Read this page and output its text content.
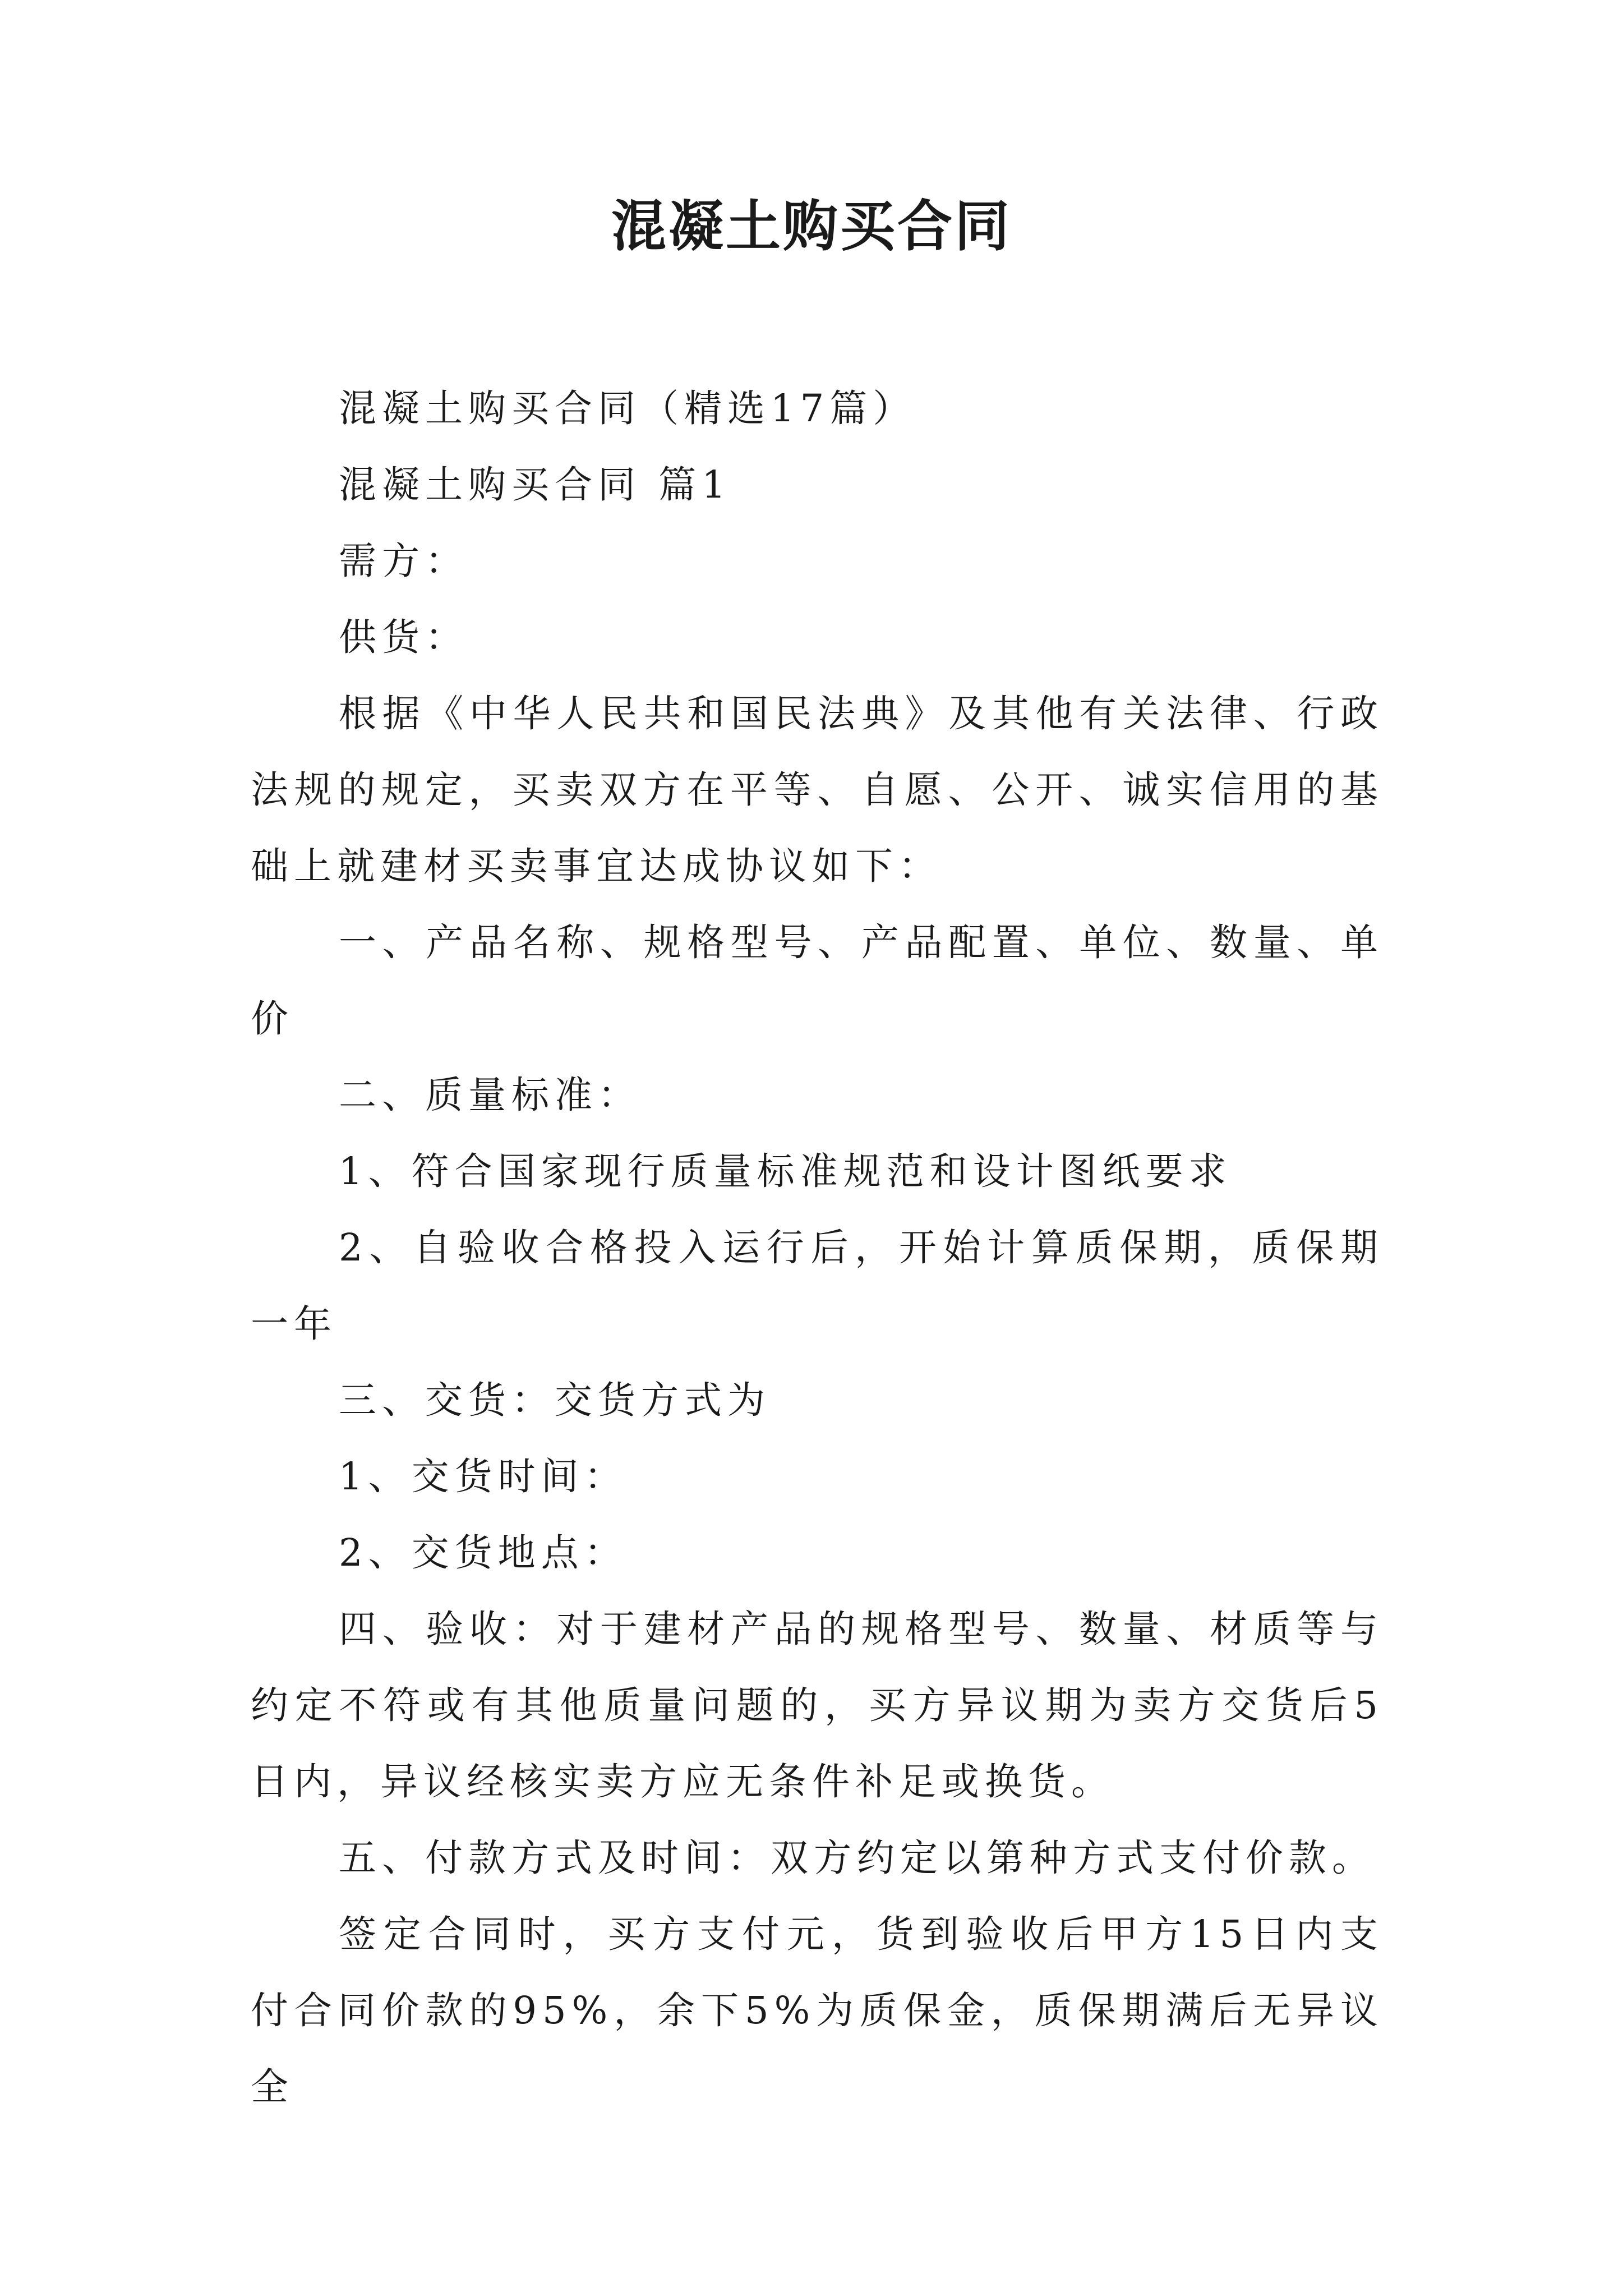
混凝土购买合同

混凝土购买合同（精选17篇）

混凝土购买合同 篇1

需方：

供货：

根据《中华人民共和国民法典》及其他有关法律、行政法规的规定，买卖双方在平等、自愿、公开、诚实信用的基础上就建材买卖事宜达成协议如下：

一、产品名称、规格型号、产品配置、单位、数量、单价

二、质量标准：

1、符合国家现行质量标准规范和设计图纸要求

2、自验收合格投入运行后，开始计算质保期，质保期一年

三、交货：交货方式为

1、交货时间：

2、交货地点：

四、验收：对于建材产品的规格型号、数量、材质等与约定不符或有其他质量问题的，买方异议期为卖方交货后5日内，异议经核实卖方应无条件补足或换货。

五、付款方式及时间：双方约定以第种方式支付价款。

签定合同时，买方支付元，货到验收后甲方15日内支付合同价款的95%，余下5%为质保金，质保期满后无异议全
